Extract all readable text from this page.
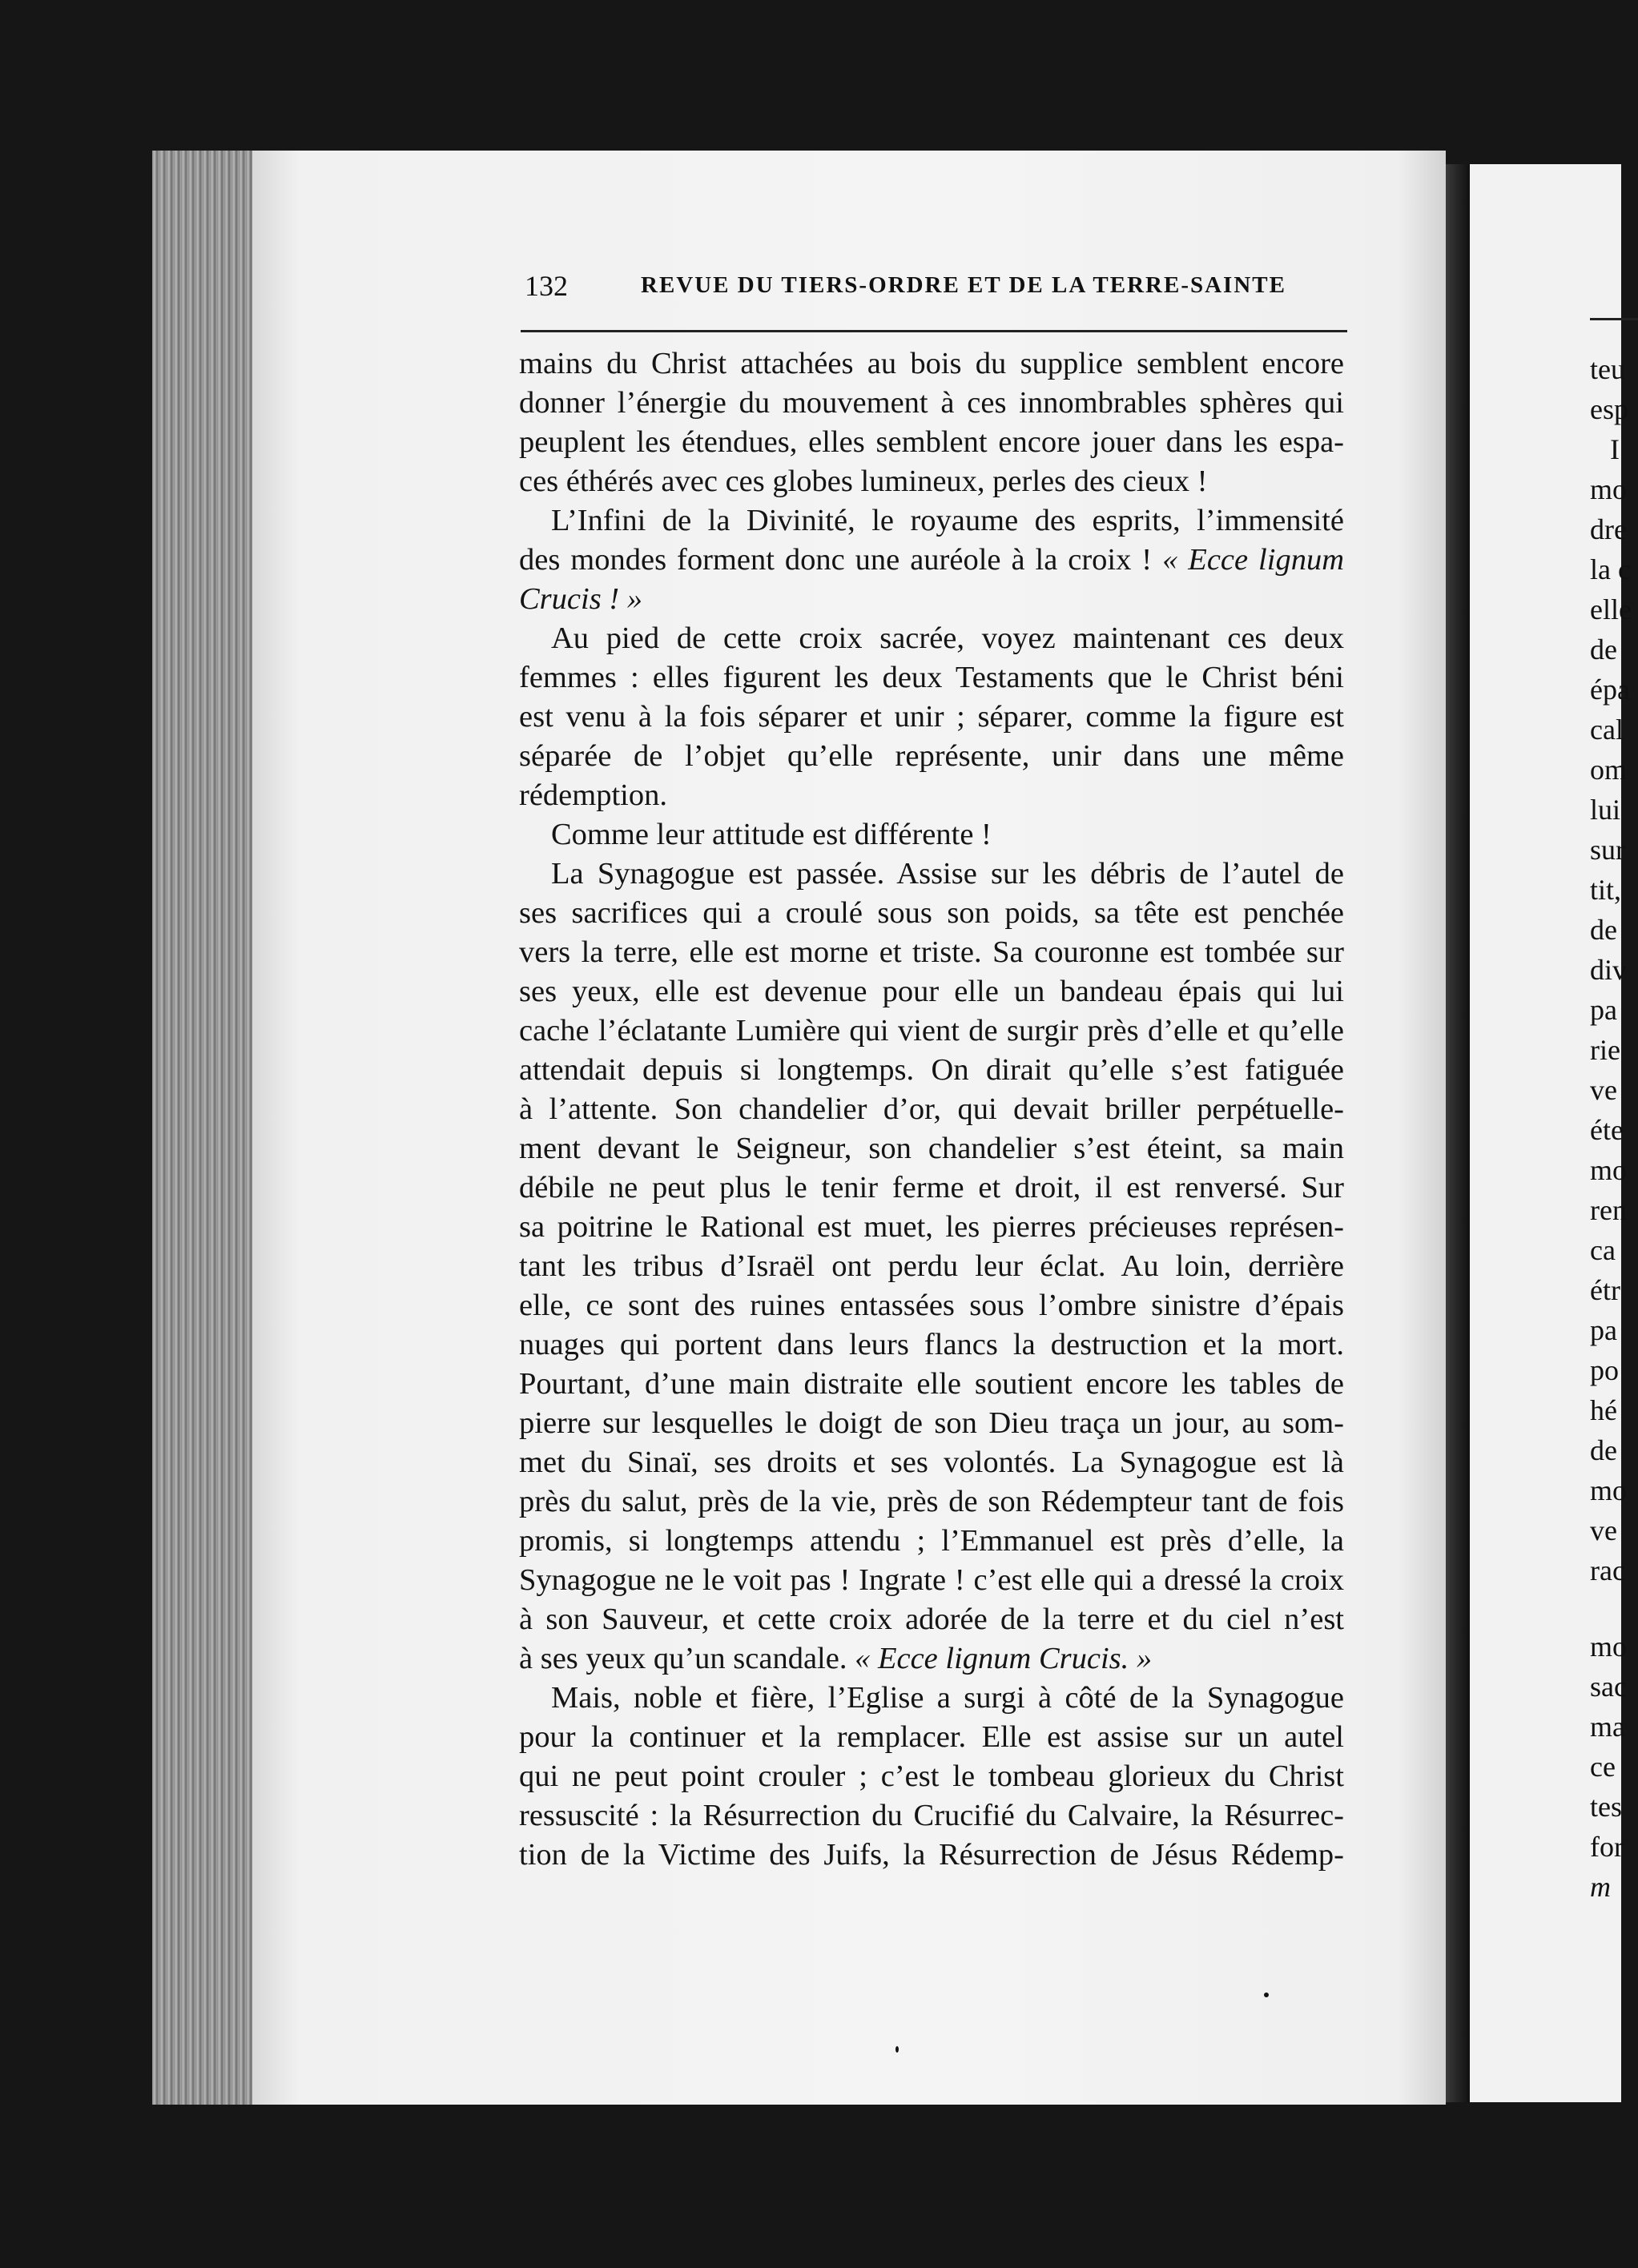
teu
esp
I
mo
dre
la c
elle
de
épa
cal
om
lui
sur
tit,
de
div
pa
rie
ve
éte
mo
ren
ca
étr
pa
po
hé
de
mo
ve
rac
mo
sac
ma
ce
tes
for
m
132	REVUE DU TIERS-ORDRE ET DE LA TERRE-SAINTE
mains du Christ attachées au bois du supplice semblent encore
donner l’énergie du mouvement à ces innombrables sphères qui
peuplent les étendues, elles semblent encore jouer dans les espa-
ces éthérés avec ces globes lumineux, perles des cieux !
L’Infini de la Divinité, le royaume des esprits, l’immensité
des mondes forment donc une auréole à la croix ! « Ecce lignum
Crucis ! »
Au pied de cette croix sacrée, voyez maintenant ces deux
femmes : elles figurent les deux Testaments que le Christ béni
est venu à la fois séparer et unir ; séparer, comme la figure est
séparée de l’objet qu’elle représente, unir dans une même
rédemption.
Comme leur attitude est différente !
La Synagogue est passée. Assise sur les débris de l’autel de
ses sacrifices qui a croulé sous son poids, sa tête est penchée
vers la terre, elle est morne et triste. Sa couronne est tombée sur
ses yeux, elle est devenue pour elle un bandeau épais qui lui
cache l’éclatante Lumière qui vient de surgir près d’elle et qu’elle
attendait depuis si longtemps. On dirait qu’elle s’est fatiguée
à l’attente. Son chandelier d’or, qui devait briller perpétuelle-
ment devant le Seigneur, son chandelier s’est éteint, sa main
débile ne peut plus le tenir ferme et droit, il est renversé. Sur
sa poitrine le Rational est muet, les pierres précieuses représen-
tant les tribus d’Israël ont perdu leur éclat. Au loin, derrière
elle, ce sont des ruines entassées sous l’ombre sinistre d’épais
nuages qui portent dans leurs flancs la destruction et la mort.
Pourtant, d’une main distraite elle soutient encore les tables de
pierre sur lesquelles le doigt de son Dieu traça un jour, au som-
met du Sinaï, ses droits et ses volontés. La Synagogue est là
près du salut, près de la vie, près de son Rédempteur tant de fois
promis, si longtemps attendu ; l’Emmanuel est près d’elle, la
Synagogue ne le voit pas ! Ingrate ! c’est elle qui a dressé la croix
à son Sauveur, et cette croix adorée de la terre et du ciel n’est
à ses yeux qu’un scandale. « Ecce lignum Crucis. »
Mais, noble et fière, l’Eglise a surgi à côté de la Synagogue
pour la continuer et la remplacer. Elle est assise sur un autel
qui ne peut point crouler ; c’est le tombeau glorieux du Christ
ressuscité : la Résurrection du Crucifié du Calvaire, la Résurrec-
tion de la Victime des Juifs, la Résurrection de Jésus Rédemp-
